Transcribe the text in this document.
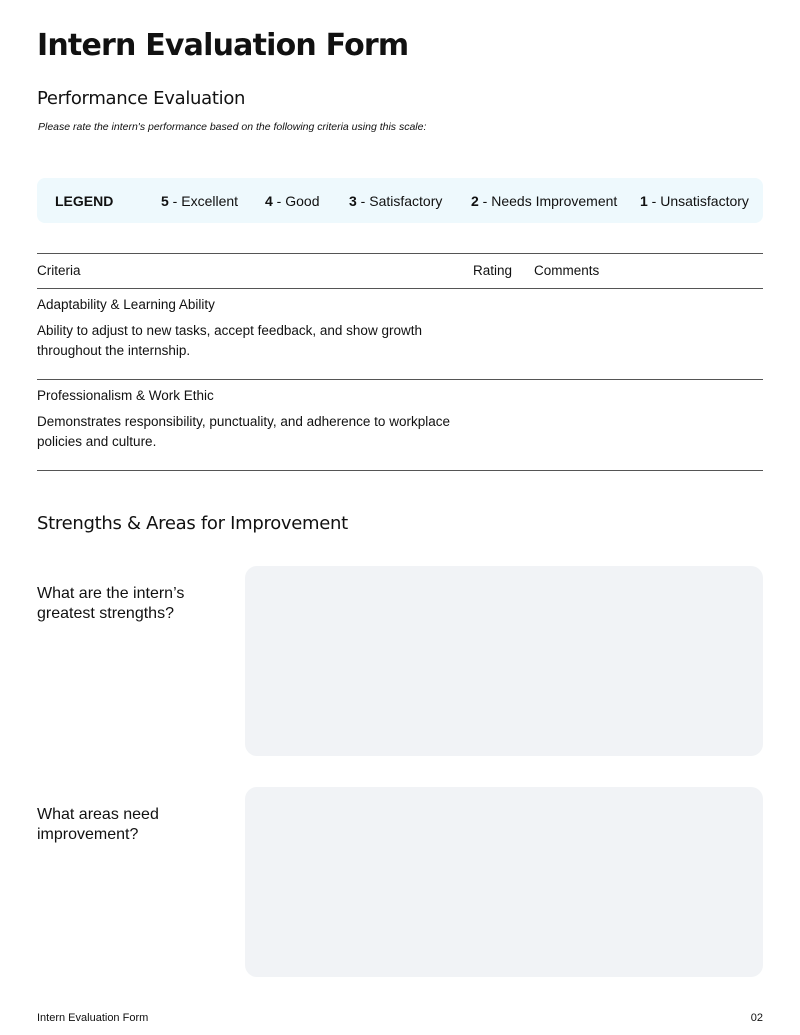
Intern Evaluation Form
Performance Evaluation
Please rate the intern's performance based on the following criteria using this scale:
LEGEND	5 - Excellent 4 - Good 3 - Satisfactory 2 - Needs Improvement 1 - Unsatisfactory
Criteria	Rating Comments
Adaptability & Learning Ability
Ability to adjust to new tasks, accept feedback, and show growth throughout the internship.
Professionalism & Work Ethic
Demonstrates responsibility, punctuality, and adherence to workplace policies and culture.
Strengths & Areas for Improvement
What are the intern’s greatest strengths?
What areas need improvement?
Intern Evaluation Form	02
